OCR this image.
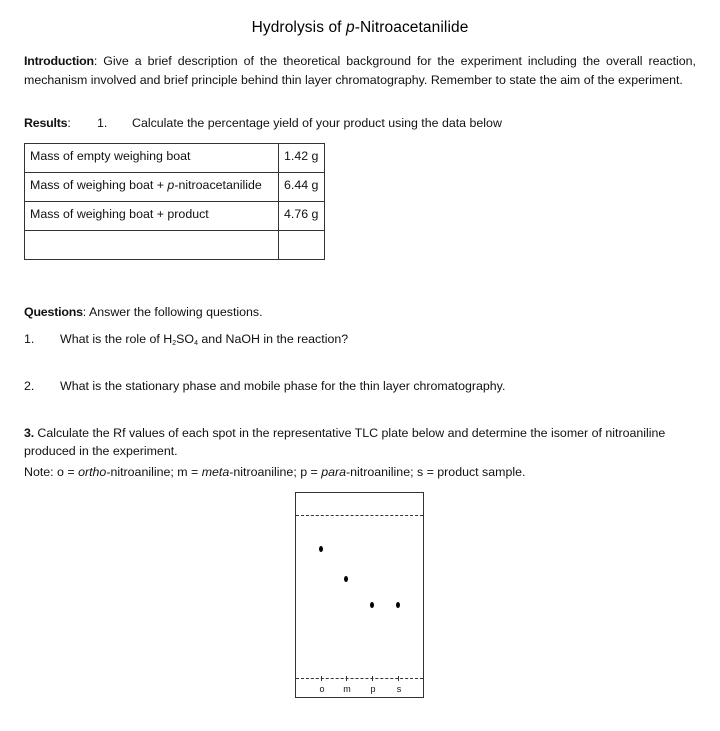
Hydrolysis of p-Nitroacetanilide
Introduction: Give a brief description of the theoretical background for the experiment including the overall reaction, mechanism involved and brief principle behind thin layer chromatography. Remember to state the aim of the experiment.
Results: 1. Calculate the percentage yield of your product using the data below
Mass of empty weighing boat	1.42 g
Mass of weighing boat + p-nitroacetanilide	6.44 g
Mass of weighing boat + product	4.76 g

Questions: Answer the following questions.
1. What is the role of $H_2SO_4$ and NaOH in the reaction?
2. What is the stationary phase and mobile phase for the thin layer chromatography.
3. Calculate the Rf values of each spot in the representative TLC plate below and determine the isomer of nitroaniline produced in the experiment.
Note: o = ortho-nitroaniline; m = meta-nitroaniline; p = para-nitroaniline; s = product sample.
o	m	p	s
